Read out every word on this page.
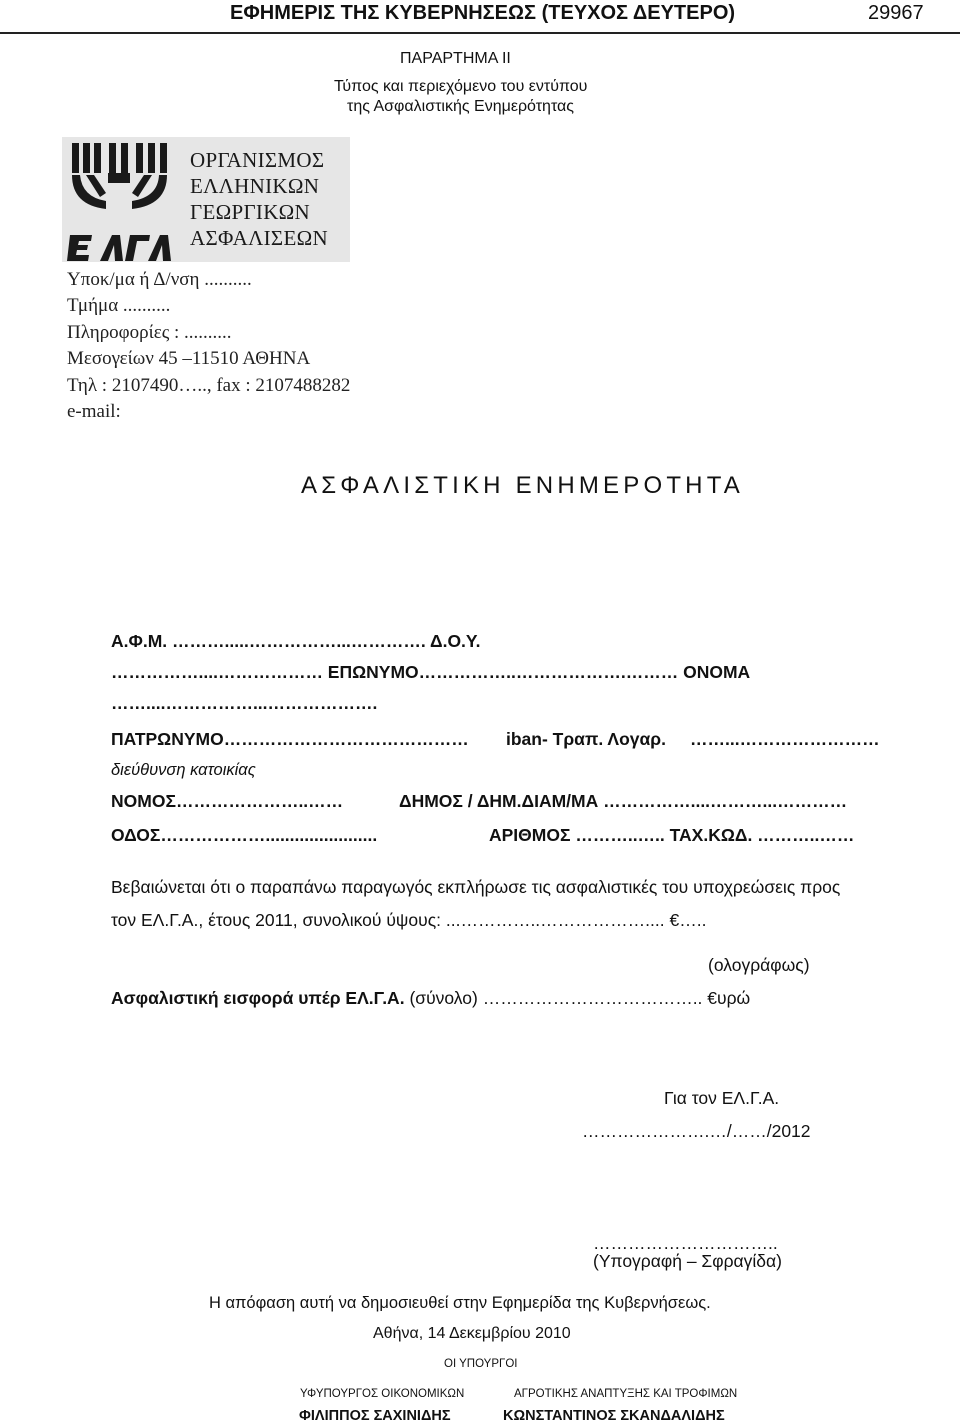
ΕΦΗΜΕΡΙΣ ΤΗΣ ΚΥΒΕΡΝΗΣΕΩΣ (ΤΕΥΧΟΣ ΔΕΥΤΕΡΟ)	29967
ΠΑΡΑΡΤΗΜΑ ΙΙ
Τύπος και περιεχόμενο του εντύπου
της Ασφαλιστικής Ενημερότητας
ΟΡΓΑΝΙΣΜΟΣ
ΕΛΛΗΝΙΚΩΝ
ΓΕΩΡΓΙΚΩΝ
ΑΣΦΑΛΙΣΕΩΝ
Υποκ/μα ή Δ/νση ..........
Τμήμα ..........
Πληροφορίες : ..........
Μεσογείων 45 –11510 ΑΘΗΝΑ
Τηλ : 2107490….., fax : 2107488282
e-mail:
ΑΣΦΑΛΙΣΤΙΚΗ ΕΝΗΜΕΡΟΤΗΤΑ
Α.Φ.Μ. ……….....……………...…………. Δ.Ο.Υ.
……………....……………… ΕΠΩΝΥΜΟ……………..……………….……… ΟΝΟΜΑ
……....……………...……………….
ΠΑΤΡΩΝΥΜΟ…………………………………… iban- Τραπ. Λογαρ. ……...……………………
διεύθυνση κατοικίας
ΝΟΜΟΣ…………………..……	ΔΗΜΟΣ / ΔΗΜ.ΔΙΑΜ/ΜΑ ……………....………...…………
ΟΔΟΣ……………….......................	ΑΡΙΘΜΟΣ ………..….. ΤΑΧ.ΚΩΔ. ………..……
Βεβαιώνεται ότι ο παραπάνω παραγωγός εκπλήρωσε τις ασφαλιστικές του υποχρεώσεις προς
τον ΕΛ.Γ.Α., έτους 2011, συνολικού ύψους: ...…………..……………….... €…..
(ολογράφως)
Ασφαλιστική εισφορά υπέρ ΕΛ.Γ.Α. (σύνολο) ……………………………….. €υρώ
Για τον ΕΛ.Γ.Α.
………………….…/……/2012
…………………………..
(Υπογραφή – Σφραγίδα)
Η απόφαση αυτή να δημοσιευθεί στην Εφημερίδα της Κυβερνήσεως.
Αθήνα, 14 Δεκεμβρίου 2010
ΟΙ ΥΠΟΥΡΓΟΙ
ΥΦΥΠΟΥΡΓΟΣ ΟΙΚΟΝΟΜΙΚΩΝ	ΑΓΡΟΤΙΚΗΣ ΑΝΑΠΤΥΞΗΣ ΚΑΙ ΤΡΟΦΙΜΩΝ
ΦΙΛΙΠΠΟΣ ΣΑΧΙΝΙΔΗΣ	ΚΩΝΣΤΑΝΤΙΝΟΣ ΣΚΑΝΔΑΛΙΔΗΣ
